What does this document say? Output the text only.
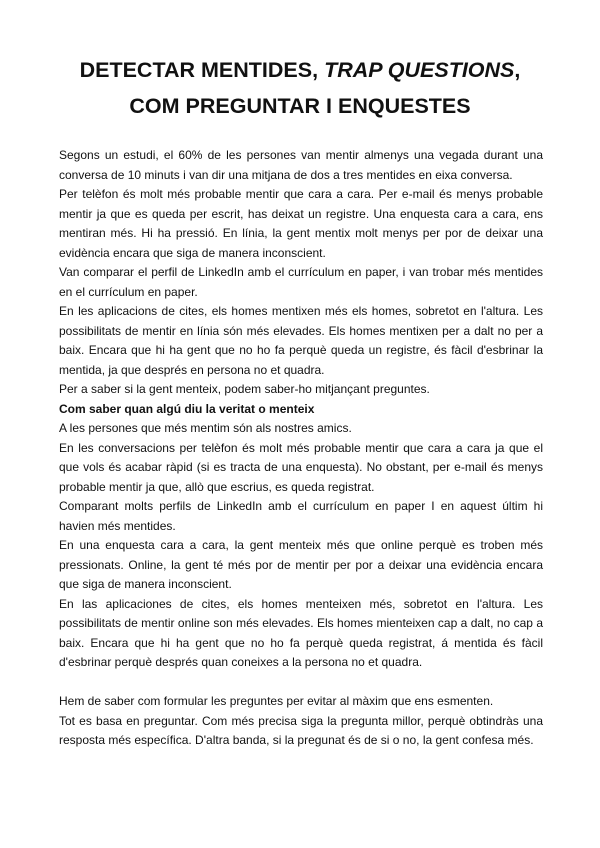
DETECTAR MENTIDES, TRAP QUESTIONS,
COM PREGUNTAR I ENQUESTES

Segons un estudi, el 60% de les persones van mentir almenys una vegada durant una conversa de 10 minuts i van dir una mitjana de dos a tres mentides en eixa conversa.

Per telèfon és molt més probable mentir que cara a cara. Per e-mail és menys probable mentir ja que es queda per escrit, has deixat un registre. Una enquesta cara a cara, ens mentiran més. Hi ha pressió. En línia, la gent mentix molt menys per por de deixar una evidència encara que siga de manera inconscient.

Van comparar el perfil de LinkedIn amb el currículum en paper, i van trobar més mentides en el currículum en paper.

En les aplicacions de cites, els homes mentixen més els homes, sobretot en l'altura. Les possibilitats de mentir en línia són més elevades. Els homes mentixen per a dalt no per a baix. Encara que hi ha gent que no ho fa perquè queda un registre, és fàcil d'esbrinar la mentida, ja que després en persona no et quadra.

Per a saber si la gent menteix, podem saber-ho mitjançant preguntes.

Com saber quan algú diu la veritat o menteix

A les persones que més mentim són als nostres amics.

En les conversacions per telèfon és molt més probable mentir que cara a cara ja que el que vols és acabar ràpid (si es tracta de una enquesta). No obstant, per e-mail és menys probable mentir ja que, allò que escrius, es queda registrat.

Comparant molts perfils de LinkedIn amb el currículum en paper I en aquest últim hi havien més mentides.

En una enquesta cara a cara, la gent menteix més que online perquè es troben més pressionats. Online, la gent té més por de mentir per por a deixar una evidència encara que siga de manera inconscient.

En las aplicaciones de cites, els homes menteixen més, sobretot en l'altura. Les possibilitats de mentir online son més elevades. Els homes mienteixen cap a dalt, no cap a baix. Encara que hi ha gent que no ho fa perquè queda registrat, á mentida és fàcil d'esbrinar perquè després quan coneixes a la persona no et quadra.

Hem de saber com formular les preguntes per evitar al màxim que ens esmenten.

Tot es basa en preguntar. Com més precisa siga la pregunta millor, perquè obtindràs una resposta més específica. D'altra banda, si la pregunat és de si o no, la gent confesa més.
